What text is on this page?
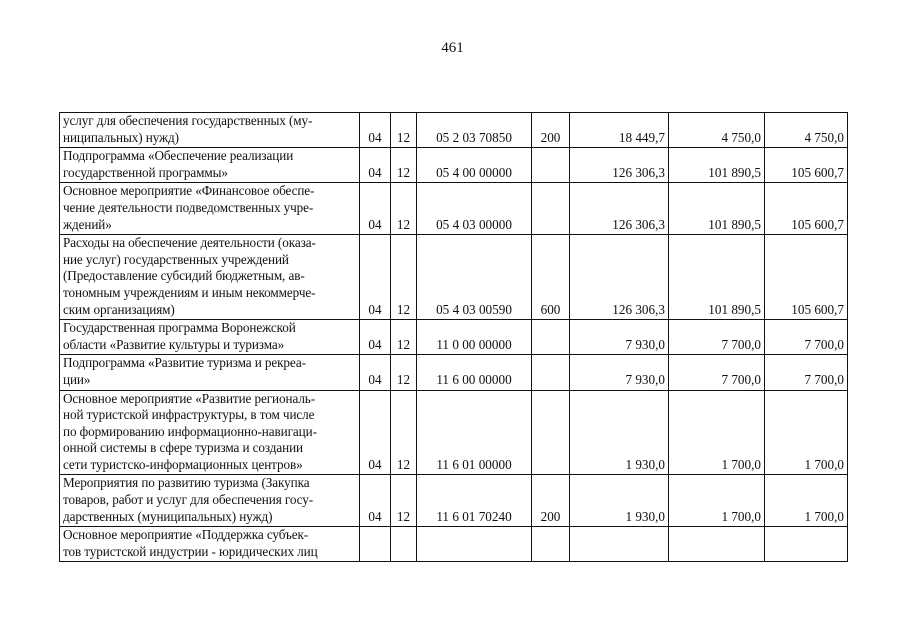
461
услуг для обеспечения государственных (му-
ниципальных) нужд)	04	12	05 2 03 70850	200	18 449,7	4 750,0	4 750,0

Подпрограмма «Обеспечение реализации
государственной программы»	04	12	05 4 00 00000		126 306,3	101 890,5	105 600,7

Основное мероприятие «Финансовое обеспе-
чение деятельности подведомственных учре-
ждений»	04	12	05 4 03 00000		126 306,3	101 890,5	105 600,7

Расходы на обеспечение деятельности (оказа-
ние услуг) государственных учреждений
(Предоставление субсидий бюджетным, ав-
тономным учреждениям и иным некоммерче-
ским организациям)	04	12	05 4 03 00590	600	126 306,3	101 890,5	105 600,7

Государственная программа Воронежской
области «Развитие культуры и туризма»	04	12	11 0 00 00000		7 930,0	7 700,0	7 700,0

Подпрограмма «Развитие туризма и рекреа-
ции»	04	12	11 6 00 00000		7 930,0	7 700,0	7 700,0

Основное мероприятие «Развитие региональ-
ной туристской инфраструктуры, в том числе
по формированию информационно-навигаци-
онной системы в сфере туризма и создании
сети туристско-информационных центров»	04	12	11 6 01 00000		1 930,0	1 700,0	1 700,0

Мероприятия по развитию туризма (Закупка
товаров, работ и услуг для обеспечения госу-
дарственных (муниципальных) нужд)	04	12	11 6 01 70240	200	1 930,0	1 700,0	1 700,0

Основное мероприятие «Поддержка субъек-
тов туристской индустрии - юридических лиц							
